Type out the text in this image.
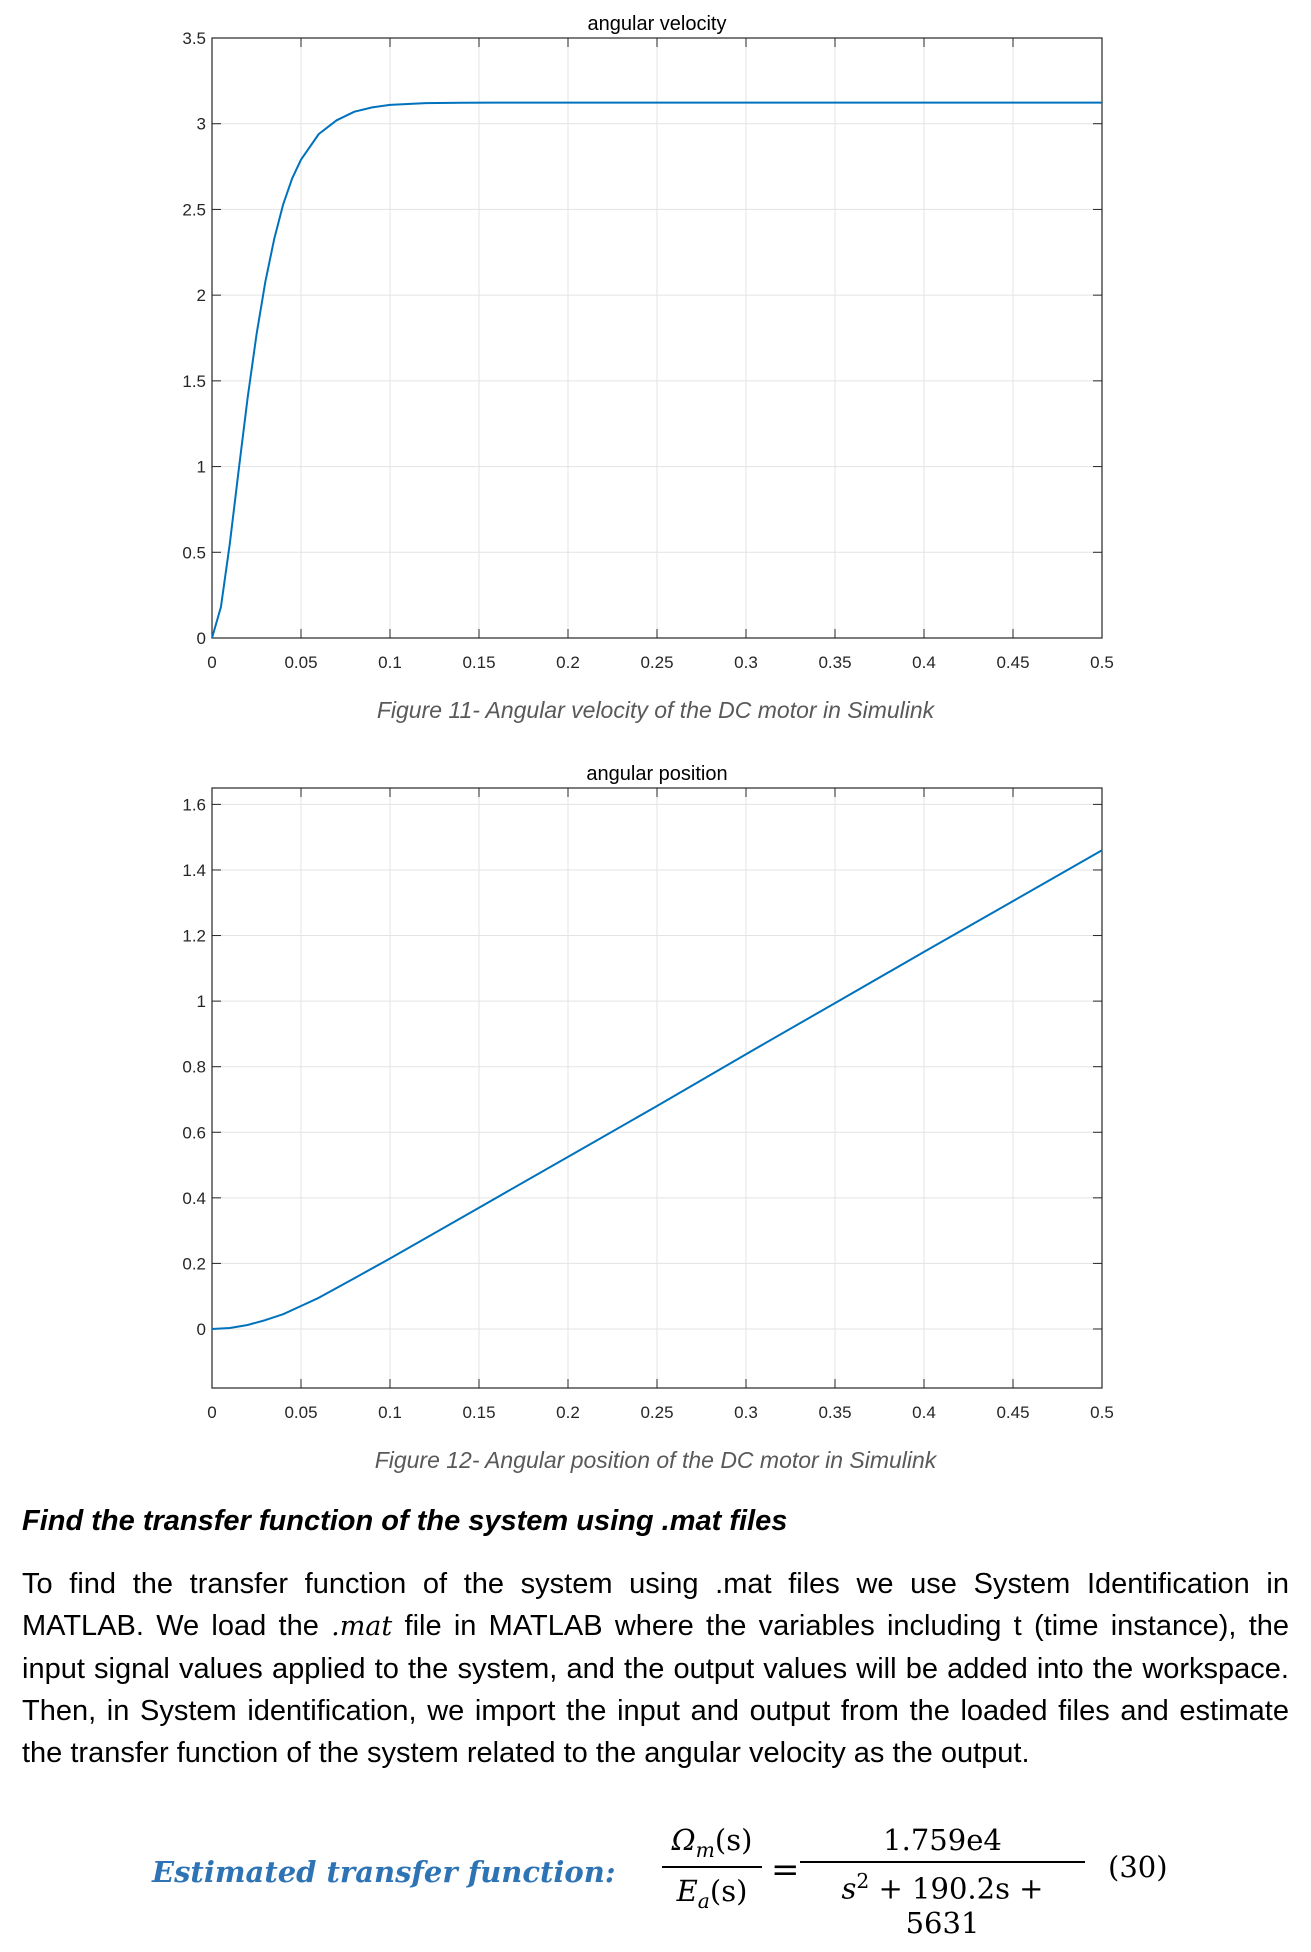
0	0.05	0.1	0.15	0.2	0.25	0.3	0.35	0.4	0.45	0.5
0
0.5
1
1.5
2
2.5
3
3.5
angular velocity
Figure 11- Angular velocity of the DC motor in Simulink
0	0.05	0.1	0.15	0.2	0.25	0.3	0.35	0.4	0.45	0.5
0
0.2
0.4
0.6
0.8
1
1.2
1.4
1.6
angular position
Figure 12- Angular position of the DC motor in Simulink
Find the transfer function of the system using .mat files
To find the transfer function of the system using .mat files we use System Identification in MATLAB. We load the .mat file in MATLAB where the variables including t (time instance), the input signal values applied to the system, and the output values will be added into the workspace. Then, in System identification, we import the input and output from the loaded files and estimate the transfer function of the system related to the angular velocity as the output.
Estimated transfer function: $\frac{\Omega_m(s)}{E_a(s)} = \frac{1.759e4}{s^2 + 190.2s + 5631} (30)$
